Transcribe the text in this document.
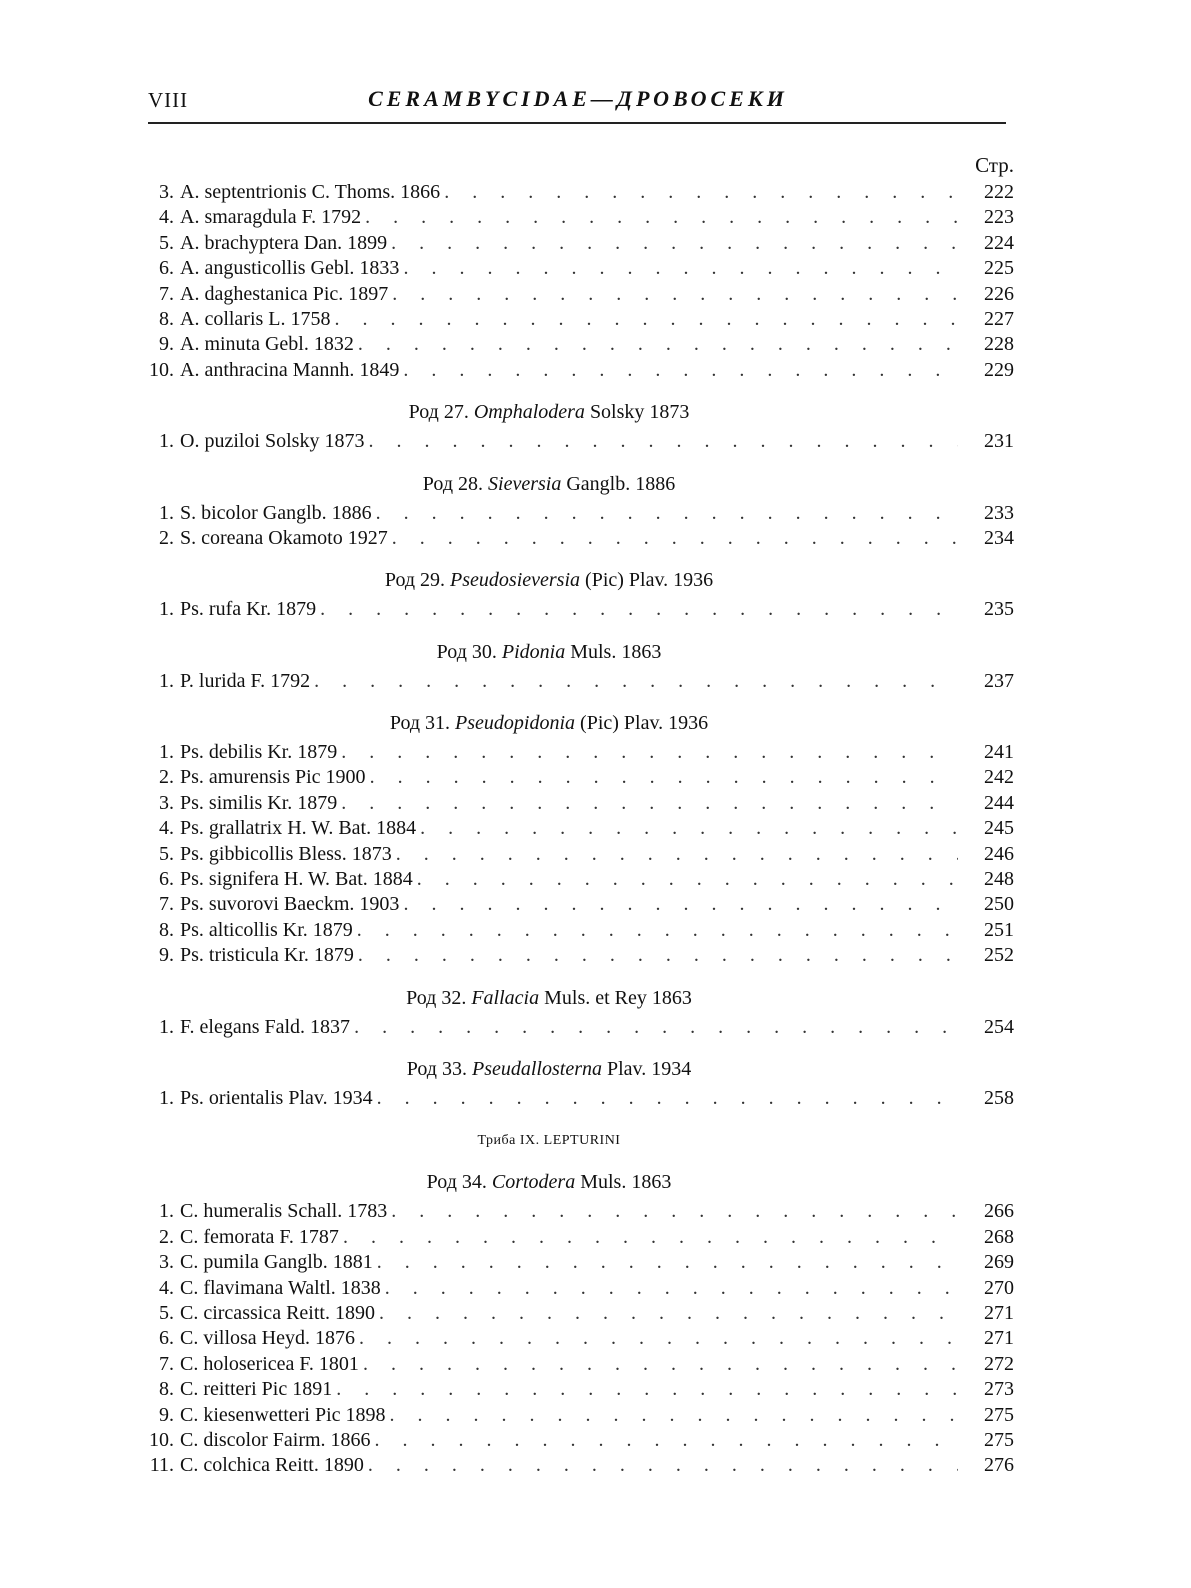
VIII	CERAMBYCIDAE—ДРОВОСЕКИ
Стр.
3. A. septentrionis C. Thoms. 1866 . . .	222
4. A. smaragdula F. 1792 . . .	223
5. A. brachyptera Dan. 1899 . . .	224
6. A. angusticollis Gebl. 1833 . . .	225
7. A. daghestanica Pic. 1897 . . .	226
8. A. collaris L. 1758 . . .	227
9. A. minuta Gebl. 1832 . . .	228
10. A. anthracina Mannh. 1849 . . .	229
Род 27. Omphalodera Solsky 1873
1. O. puziloi Solsky 1873 . . .	231
Род 28. Sieversia Ganglb. 1886
1. S. bicolor Ganglb. 1886 . . .	233
2. S. coreana Okamoto 1927 . . .	234
Род 29. Pseudosieversia (Pic) Plav. 1936
1. Ps. rufa Kr. 1879 . . .	235
Род 30. Pidonia Muls. 1863
1. P. lurida F. 1792 . . .	237
Род 31. Pseudopidonia (Pic) Plav. 1936
1. Ps. debilis Kr. 1879 . . .	241
2. Ps. amurensis Pic 1900 . . .	242
3. Ps. similis Kr. 1879 . . .	244
4. Ps. grallatrix H. W. Bat. 1884 . . .	245
5. Ps. gibbicollis Bless. 1873 . . .	246
6. Ps. signifera H. W. Bat. 1884 . . .	248
7. Ps. suvorovi Baeckm. 1903 . . .	250
8. Ps. alticollis Kr. 1879 . . .	251
9. Ps. tristicula Kr. 1879 . . .	252
Род 32. Fallacia Muls. et Rey 1863
1. F. elegans Fald. 1837 . . .	254
Род 33. Pseudallosterna Plav. 1934
1. Ps. orientalis Plav. 1934 . . .	258
Триба IX. LEPTURINI
Род 34. Cortodera Muls. 1863
1. C. humeralis Schall. 1783 . . .	266
2. C. femorata F. 1787 . . .	268
3. C. pumila Ganglb. 1881 . . .	269
4. C. flavimana Waltl. 1838 . . .	270
5. C. circassica Reitt. 1890 . . .	271
6. C. villosa Heyd. 1876 . . .	271
7. C. holosericea F. 1801 . . .	272
8. C. reitteri Pic 1891 . . .	273
9. C. kiesenwetteri Pic 1898 . . .	275
10. C. discolor Fairm. 1866 . . .	275
11. C. colchica Reitt. 1890 . . .	276
